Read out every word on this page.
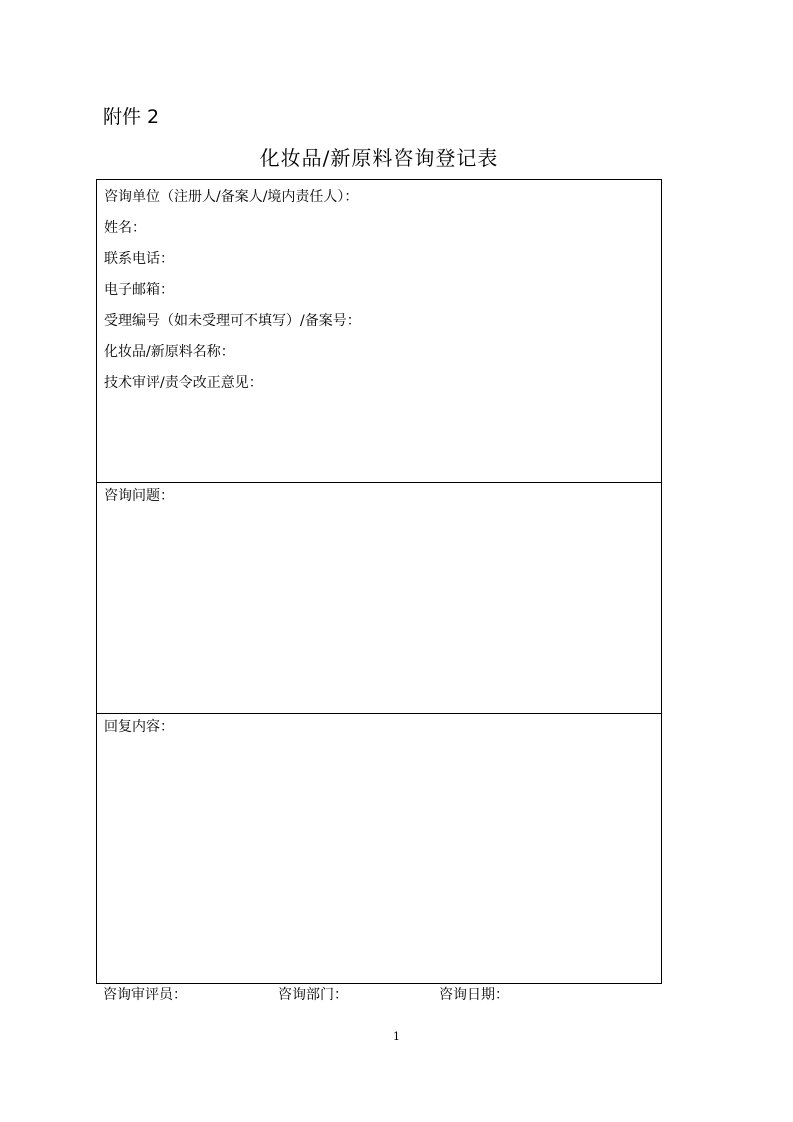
附件 2
化妆品/新原料咨询登记表
咨询单位（注册人/备案人/境内责任人）：
姓名：
联系电话：
电子邮箱：
受理编号（如未受理可不填写）/备案号：
化妆品/新原料名称：
技术审评/责令改正意见：
咨询问题：
回复内容：
咨询审评员：	咨询部门：	咨询日期：
1
